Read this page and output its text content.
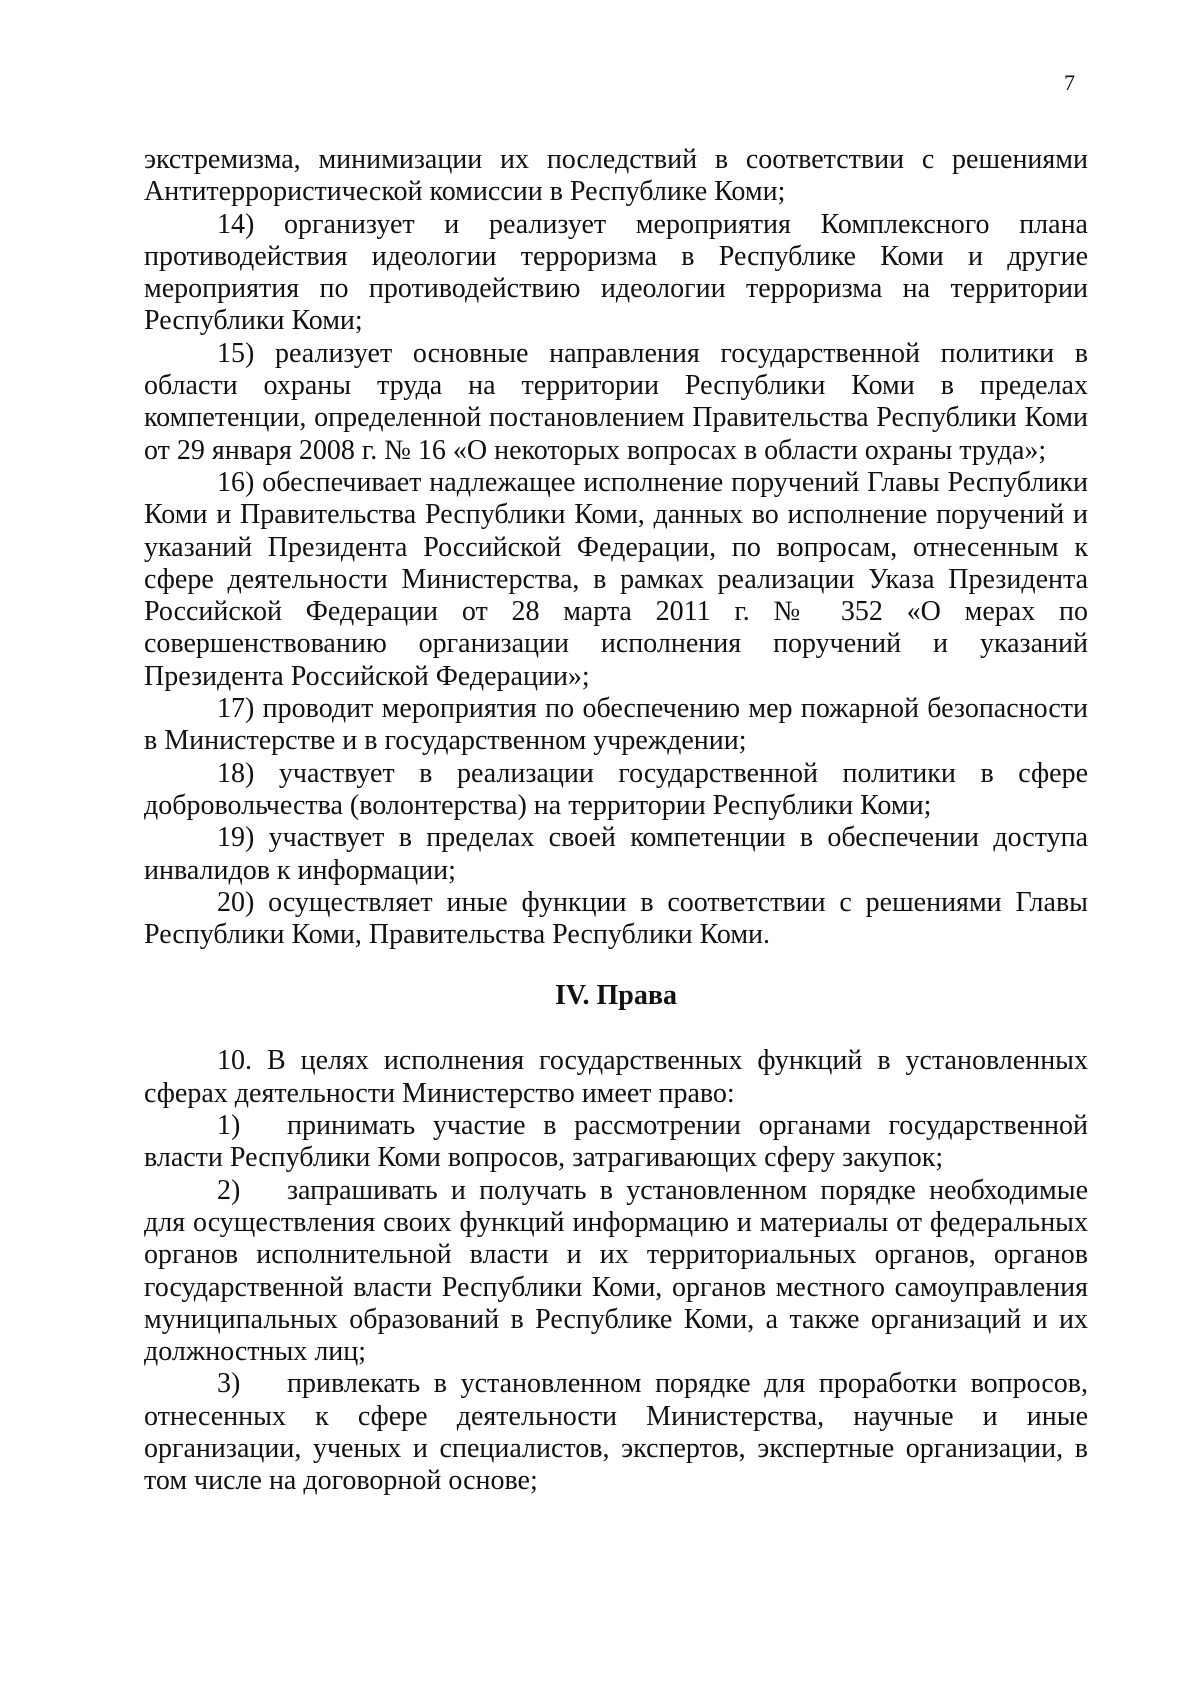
7

экстремизма, минимизации их последствий в соответствии с решениями Антитеррористической комиссии в Республике Коми;

14) организует и реализует мероприятия Комплексного плана противодействия идеологии терроризма в Республике Коми и другие мероприятия по противодействию идеологии терроризма на территории Республики Коми;

15) реализует основные направления государственной политики в области охраны труда на территории Республики Коми в пределах компетенции, определенной постановлением Правительства Республики Коми от 29 января 2008 г. № 16 «О некоторых вопросах в области охраны труда»;

16) обеспечивает надлежащее исполнение поручений Главы Республики Коми и Правительства Республики Коми, данных во исполнение поручений и указаний Президента Российской Федерации, по вопросам, отнесенным к сфере деятельности Министерства, в рамках реализации Указа Президента Российской Федерации от 28 марта 2011 г. № 352 «О мерах по совершенствованию организации исполнения поручений и указаний Президента Российской Федерации»;

17) проводит мероприятия по обеспечению мер пожарной безопасности в Министерстве и в государственном учреждении;

18) участвует в реализации государственной политики в сфере добровольчества (волонтерства) на территории Республики Коми;

19) участвует в пределах своей компетенции в обеспечении доступа инвалидов к информации;

20) осуществляет иные функции в соответствии с решениями Главы Республики Коми, Правительства Республики Коми.

IV. Права

10. В целях исполнения государственных функций в установленных сферах деятельности Министерство имеет право:

1) принимать участие в рассмотрении органами государственной власти Республики Коми вопросов, затрагивающих сферу закупок;

2) запрашивать и получать в установленном порядке необходимые для осуществления своих функций информацию и материалы от федеральных органов исполнительной власти и их территориальных органов, органов государственной власти Республики Коми, органов местного самоуправления муниципальных образований в Республике Коми, а также организаций и их должностных лиц;

3) привлекать в установленном порядке для проработки вопросов, отнесенных к сфере деятельности Министерства, научные и иные организации, ученых и специалистов, экспертов, экспертные организации, в том числе на договорной основе;
